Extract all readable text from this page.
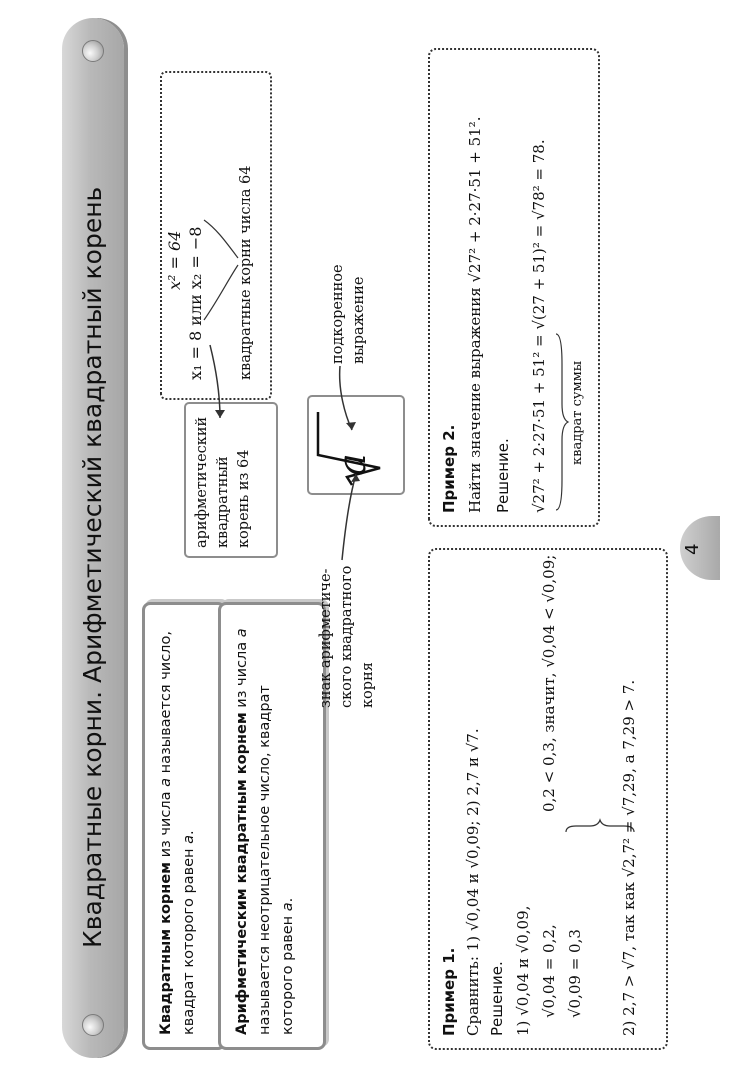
Квадратные корни. Арифметический квадратный корень
Квадратным корнем из числа a называется число, квадрат которого равен a.	Арифметическим квадратным корнем из числа a называется неотрицательное число, квадрат которого равен a.
арифметический квадратный корень из 64
x² = 64 x₁ = 8 или x₂ = −8 квадратные корни числа 64
a
подкоренное выражение
знак арифметиче- ского квадратного корня
Пример 1. Сравнить: 1) √0,04 и √0,09; 2) 2,7 и √7. Решение. 1) √0,04 и √0,09, √0,04 = 0,2, √0,09 = 0,3
0,2 < 0,3, значит, √0,04 < √0,09;	2) 2,7 > √7, так как √2,7² = √7,29, а 7,29 > 7.
Пример 2. Найти значение выражения √27² + 2·27·51 + 51². Решение. √27² + 2·27·51 + 51² = √(27 + 51)² = √78² = 78. квадрат суммы
4
